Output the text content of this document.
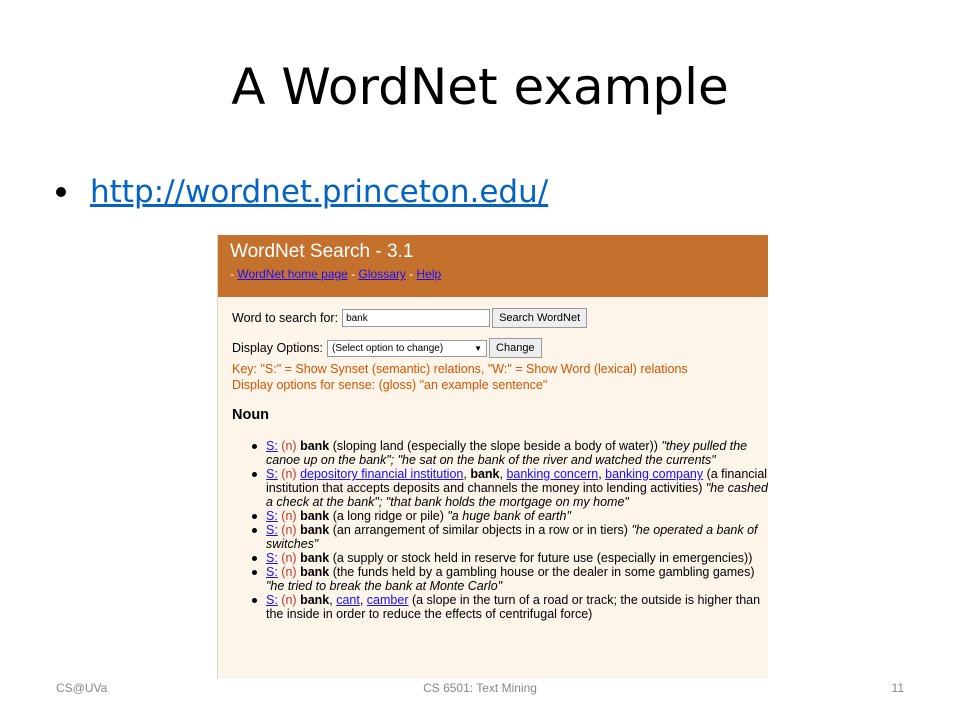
A WordNet example
http://wordnet.princeton.edu/
WordNet Search - 3.1
- WordNet home page - Glossary - Help
Word to search for:
bank	Search WordNet
Display Options: (Select option to change)	▼	Change
Key: "S:" = Show Synset (semantic) relations, "W:" = Show Word (lexical) relations
Display options for sense: (gloss) "an example sentence"
Noun
S: (n) bank (sloping land (especially the slope beside a body of water)) "they pulled the canoe up on the bank"; "he sat on the bank of the river and watched the currents"
S: (n) depository financial institution, bank, banking concern, banking company (a financial institution that accepts deposits and channels the money into lending activities) "he cashed a check at the bank"; "that bank holds the mortgage on my home"
S: (n) bank (a long ridge or pile) "a huge bank of earth"
S: (n) bank (an arrangement of similar objects in a row or in tiers) "he operated a bank of switches"
S: (n) bank (a supply or stock held in reserve for future use (especially in emergencies))
S: (n) bank (the funds held by a gambling house or the dealer in some gambling games) "he tried to break the bank at Monte Carlo"
S: (n) bank, cant, camber (a slope in the turn of a road or track; the outside is higher than the inside in order to reduce the effects of centrifugal force)
CS 6501: Text Mining
CS@UVa	11
